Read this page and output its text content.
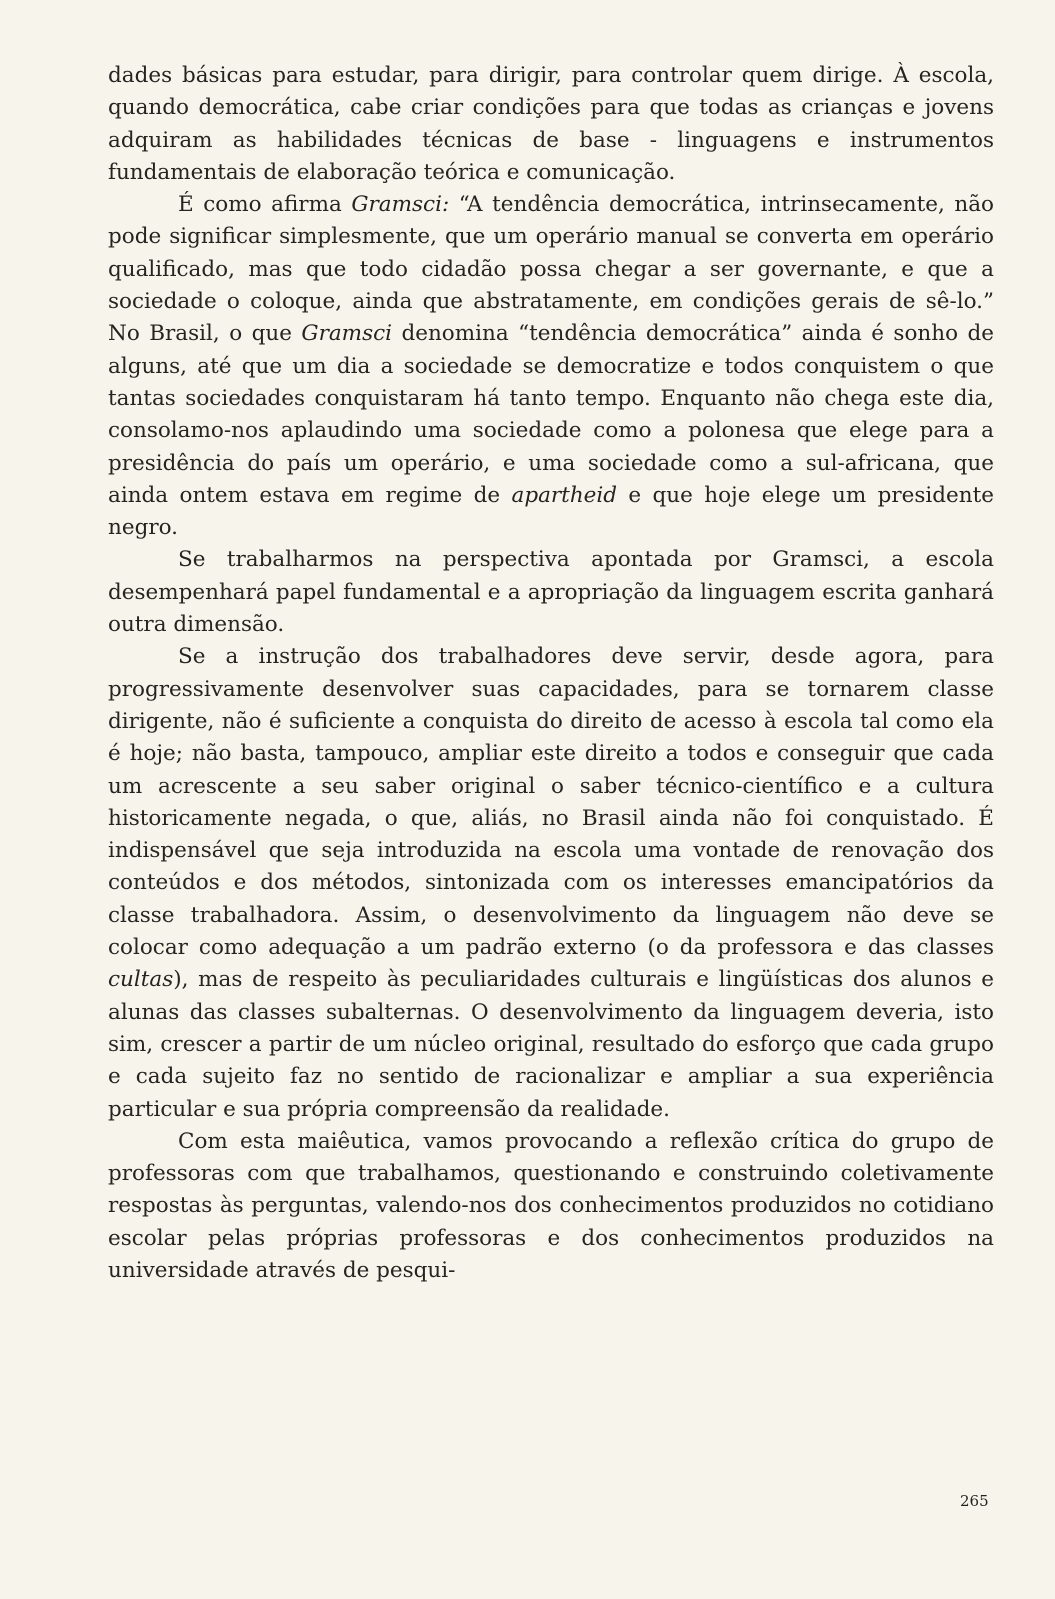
dades básicas para estudar, para dirigir, para controlar quem dirige. À escola, quando democrática, cabe criar condições para que todas as crianças e jovens adquiram as habilidades técnicas de base - linguagens e instrumentos fundamentais de elaboração teórica e comunicação.

É como afirma Gramsci: “A tendência democrática, intrinsecamente, não pode significar simplesmente, que um operário manual se converta em operário qualificado, mas que todo cidadão possa chegar a ser governante, e que a sociedade o coloque, ainda que abstratamente, em condições gerais de sê-lo.” No Brasil, o que Gramsci denomina “tendência democrática” ainda é sonho de alguns, até que um dia a sociedade se democratize e todos conquistem o que tantas sociedades conquistaram há tanto tempo. Enquanto não chega este dia, consolamo-nos aplaudindo uma sociedade como a polonesa que elege para a presidência do país um operário, e uma sociedade como a sul-africana, que ainda ontem estava em regime de apartheid e que hoje elege um presidente negro.

Se trabalharmos na perspectiva apontada por Gramsci, a escola desempenhará papel fundamental e a apropriação da linguagem escrita ganhará outra dimensão.

Se a instrução dos trabalhadores deve servir, desde agora, para progressivamente desenvolver suas capacidades, para se tornarem classe dirigente, não é suficiente a conquista do direito de acesso à escola tal como ela é hoje; não basta, tampouco, ampliar este direito a todos e conseguir que cada um acrescente a seu saber original o saber técnico-científico e a cultura historicamente negada, o que, aliás, no Brasil ainda não foi conquistado. É indispensável que seja introduzida na escola uma vontade de renovação dos conteúdos e dos métodos, sintonizada com os interesses emancipatórios da classe trabalhadora. Assim, o desenvolvimento da linguagem não deve se colocar como adequação a um padrão externo (o da professora e das classes cultas), mas de respeito às peculiaridades culturais e lingüísticas dos alunos e alunas das classes subalternas. O desenvolvimento da linguagem deveria, isto sim, crescer a partir de um núcleo original, resultado do esforço que cada grupo e cada sujeito faz no sentido de racionalizar e ampliar a sua experiência particular e sua própria compreensão da realidade.

Com esta maiêutica, vamos provocando a reflexão crítica do grupo de professoras com que trabalhamos, questionando e construindo coletivamente respostas às perguntas, valendo-nos dos conhecimentos produzidos no cotidiano escolar pelas próprias professoras e dos conhecimentos produzidos na universidade através de pesqui-

265
